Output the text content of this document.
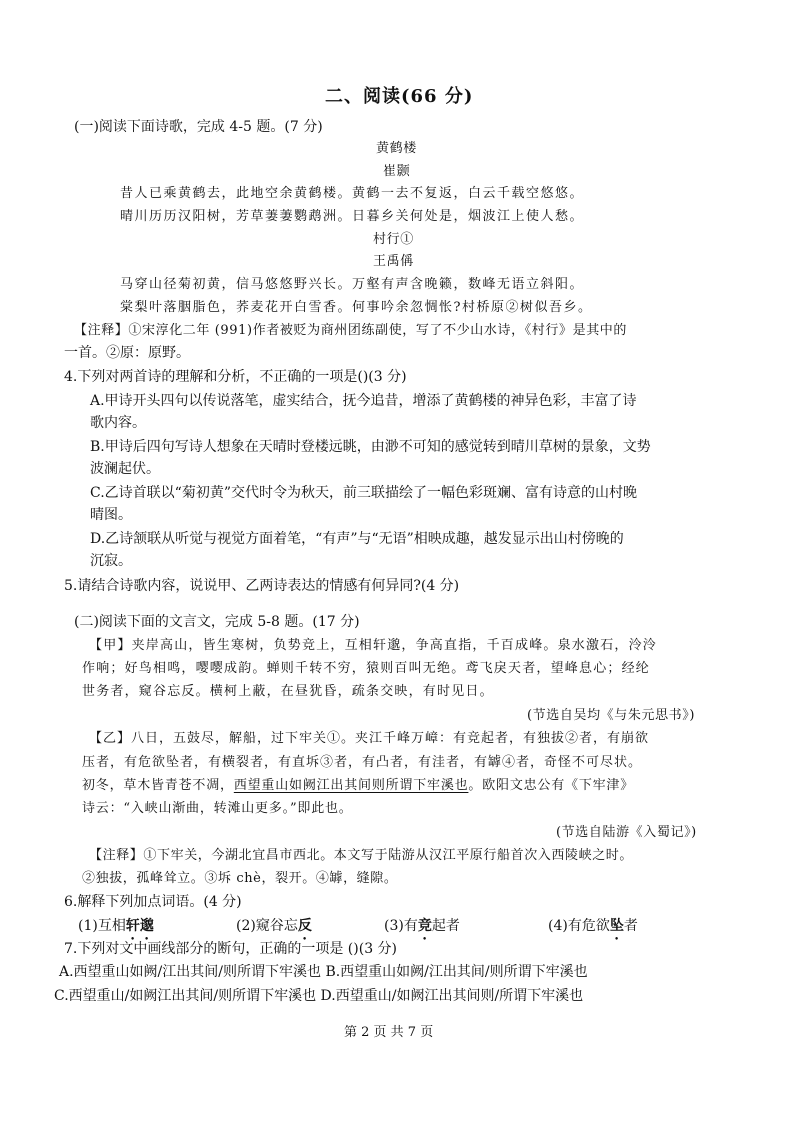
二、阅读(66 分)
(一)阅读下面诗歌，完成 4-5 题。(7 分)
黄鹤楼
崔颢
昔人已乘黄鹤去，此地空余黄鹤楼。黄鹤一去不复返，白云千载空悠悠。
晴川历历汉阳树，芳草萋萋鹦鹉洲。日暮乡关何处是，烟波江上使人愁。
村行①
王禹偁
马穿山径菊初黄，信马悠悠野兴长。万壑有声含晚籁，数峰无语立斜阳。
棠梨叶落胭脂色，荞麦花开白雪香。何事吟余忽惆怅?村桥原②树似吾乡。
【注释】①宋淳化二年 (991)作者被贬为商州团练副使，写了不少山水诗，《村行》是其中的
一首。②原：原野。
4.下列对两首诗的理解和分析，不正确的一项是()(3 分)
A.甲诗开头四句以传说落笔，虚实结合，抚今追昔，增添了黄鹤楼的神异色彩，丰富了诗
歌内容。
B.甲诗后四句写诗人想象在天晴时登楼远眺，由渺不可知的感觉转到晴川草树的景象，文势
波澜起伏。
C.乙诗首联以“菊初黄”交代时令为秋天，前三联描绘了一幅色彩斑斓、富有诗意的山村晚
晴图。
D.乙诗颔联从听觉与视觉方面着笔，“有声”与“无语”相映成趣，越发显示出山村傍晚的
沉寂。
5.请结合诗歌内容，说说甲、乙两诗表达的情感有何异同?(4 分)
(二)阅读下面的文言文，完成 5-8 题。(17 分)
【甲】夹岸高山，皆生寒树，负势竞上，互相轩邈，争高直指，千百成峰。泉水激石，泠泠
作响；好鸟相鸣，嘤嘤成韵。蝉则千转不穷，猿则百叫无绝。鸢飞戾天者，望峰息心；经纶
世务者，窥谷忘反。横柯上蔽，在昼犹昏，疏条交映，有时见日。
(节选自吴均《与朱元思书》)
【乙】八日，五鼓尽，解船，过下牢关①。夹江千峰万嶂：有竞起者，有独拔②者，有崩欲
压者，有危欲坠者，有横裂者，有直坼③者，有凸者，有洼者，有罅④者，奇怪不可尽状。
初冬，草木皆青苍不凋，西望重山如阙江出其间则所谓下牢溪也。欧阳文忠公有《下牢津》
诗云：“入峡山渐曲，转滩山更多。”即此也。
(节选自陆游《入蜀记》)
【注释】①下牢关，今湖北宜昌市西北。本文写于陆游从汉江平原行船首次入西陵峡之时。
②独拔，孤峰耸立。③坼 chè，裂开。④罅，缝隙。
6.解释下列加点词语。(4 分)
(1)互相轩邈	(2)窥谷忘反	(3)有竞起者	(4)有危欲坠者
7.下列对文中画线部分的断句，正确的一项是 ()(3 分)
A.西望重山如阙/江出其间/则所谓下牢溪也 B.西望重山如阙/江出其间/则所谓下牢溪也
C.西望重山/如阙江出其间/则所谓下牢溪也 D.西望重山/如阙江出其间则/所谓下牢溪也
第 2 页 共 7 页
